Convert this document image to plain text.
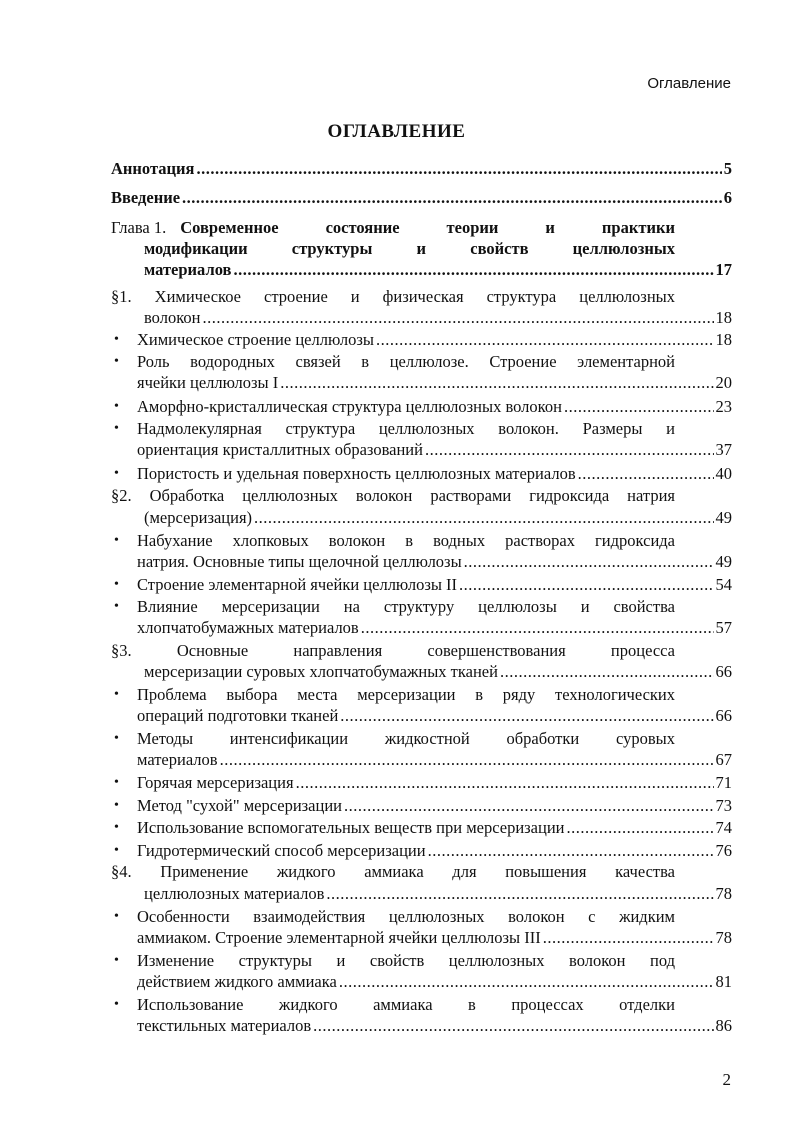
Оглавление
ОГЛАВЛЕНИЕ
Аннотация .....	5
Введение .....	6
Глава 1. Современное состояние теории и практики
модификации структуры и свойств целлюлозных
материалов .....	17
§1. Химическое строение и физическая структура целлюлозных
волокон .....	18
• Химическое строение целлюлозы .....	18
• Роль водородных связей в целлюлозе. Строение элементарной
ячейки целлюлозы I .....	20
• Аморфно-кристаллическая структура целлюлозных волокон .....	23
• Надмолекулярная структура целлюлозных волокон. Размеры и
ориентация кристаллитных образований .....	37
• Пористость и удельная поверхность целлюлозных материалов .....	40
§2. Обработка целлюлозных волокон растворами гидроксида натрия
(мерсеризация) .....	49
• Набухание хлопковых волокон в водных растворах гидроксида
натрия. Основные типы щелочной целлюлозы .....	49
• Строение элементарной ячейки целлюлозы II .....	54
• Влияние мерсеризации на структуру целлюлозы и свойства
хлопчатобумажных материалов .....	57
§3. Основные направления совершенствования процесса
мерсеризации суровых хлопчатобумажных тканей .....	66
• Проблема выбора места мерсеризации в ряду технологических
операций подготовки тканей .....	66
• Методы интенсификации жидкостной обработки суровых
материалов .....	67
• Горячая мерсеризация .....	71
• Метод "сухой" мерсеризации .....	73
• Использование вспомогательных веществ при мерсеризации .....	74
• Гидротермический способ мерсеризации .....	76
§4. Применение жидкого аммиака для повышения качества
целлюлозных материалов .....	78
• Особенности взаимодействия целлюлозных волокон с жидким
аммиаком. Строение элементарной ячейки целлюлозы III .....	78
• Изменение структуры и свойств целлюлозных волокон под
действием жидкого аммиака .....	81
• Использование жидкого аммиака в процессах отделки
текстильных материалов .....	86
2
